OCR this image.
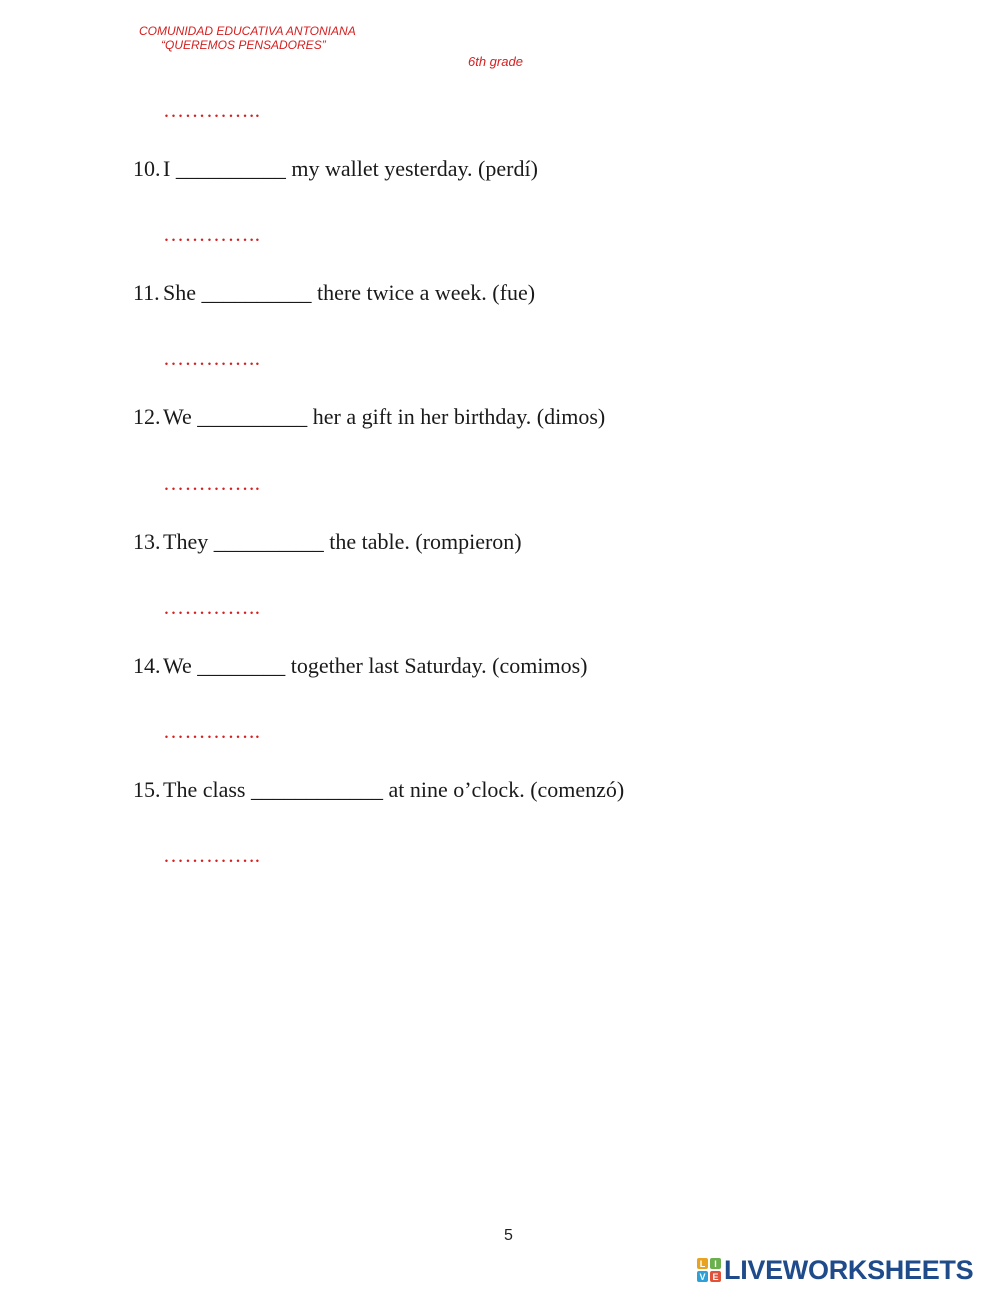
COMUNIDAD EDUCATIVA ANTONIANA
“QUEREMOS PENSADORES”
6th grade
…………..
10. I __________ my wallet yesterday. (perdí)
…………..
11. She __________ there twice a week. (fue)
…………..
12. We __________ her a gift in her birthday. (dimos)
…………..
13. They __________ the table. (rompieron)
…………..
14. We ________ together last Saturday. (comimos)
…………..
15. The class ____________ at nine o’clock. (comenzó)
…………..
5
L I
V E LIVEWORKSHEETS
